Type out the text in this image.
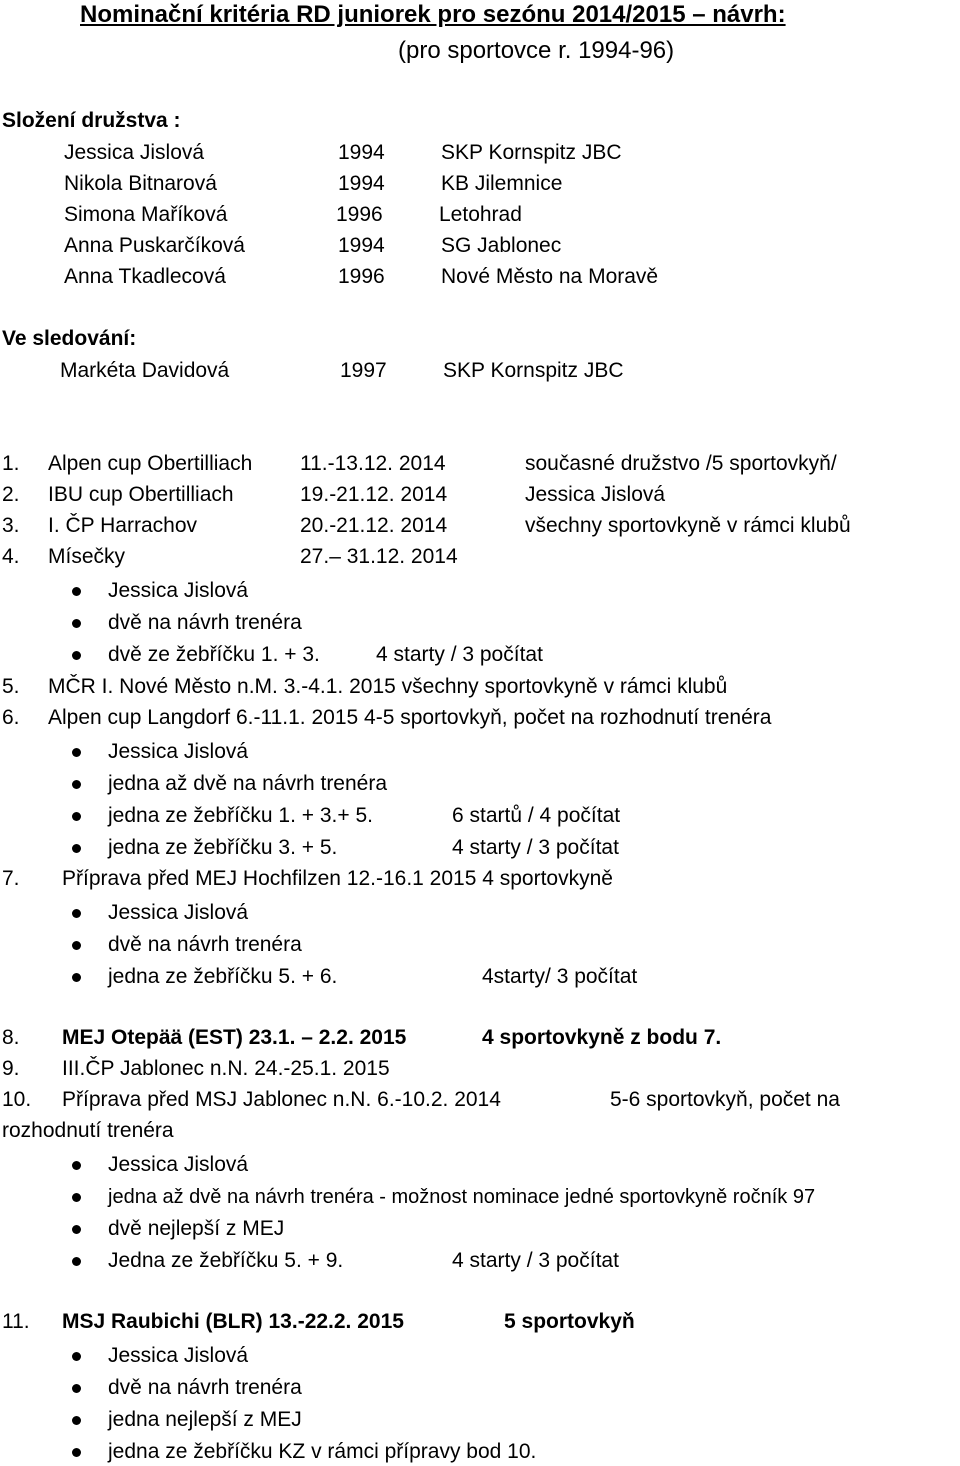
Nominační kritéria RD juniorek pro sezónu 2014/2015 – návrh:
(pro sportovce r. 1994-96)
Složení družstva :
Jessica Jislová	1994	SKP Kornspitz JBC
Nikola Bitnarová	1994	KB Jilemnice
Simona Maříková	1996	Letohrad
Anna Puskarčíková	1994	SG Jablonec
Anna Tkadlecová	1996	Nové Město na Moravě
Ve sledování:
Markéta Davidová	1997	SKP Kornspitz JBC
1. Alpen cup Obertilliach 11.-13.12. 2014	současné družstvo /5 sportovkyň/
2. IBU cup Obertilliach	19.-21.12. 2014	Jessica Jislová
3. I. ČP Harrachov	20.-21.12. 2014	všechny sportovkyně v rámci klubů
4. Mísečky	27.– 31.12. 2014
Jessica Jislová
dvě na návrh trenéra
dvě ze žebříčku 1. + 3.	4 starty / 3 počítat
5. MČR I. Nové Město n.M. 3.-4.1. 2015 všechny sportovkyně v rámci klubů
6. Alpen cup Langdorf 6.-11.1. 2015 4-5 sportovkyň, počet na rozhodnutí trenéra
Jessica Jislová
jedna až dvě na návrh trenéra
jedna ze žebříčku 1. + 3.+ 5.	6 startů / 4 počítat
jedna ze žebříčku 3. + 5.	4 starty / 3 počítat
7. Příprava před MEJ Hochfilzen 12.-16.1 2015 4 sportovkyně
Jessica Jislová
dvě na návrh trenéra
jedna ze žebříčku 5. + 6.	4starty/ 3 počítat
8. MEJ Otepää (EST) 23.1. – 2.2. 2015	4 sportovkyně z bodu 7.
9. III.ČP Jablonec n.N. 24.-25.1. 2015
10. Příprava před MSJ Jablonec n.N. 6.-10.2. 2014	5-6 sportovkyň, počet na
rozhodnutí trenéra
Jessica Jislová
jedna až dvě na návrh trenéra - možnost nominace jedné sportovkyně ročník 97
dvě nejlepší z MEJ
Jedna ze žebříčku 5. + 9.	4 starty / 3 počítat
11. MSJ Raubichi (BLR) 13.-22.2. 2015	5 sportovkyň
Jessica Jislová
dvě na návrh trenéra
jedna nejlepší z MEJ
jedna ze žebříčku KZ v rámci přípravy bod 10.
